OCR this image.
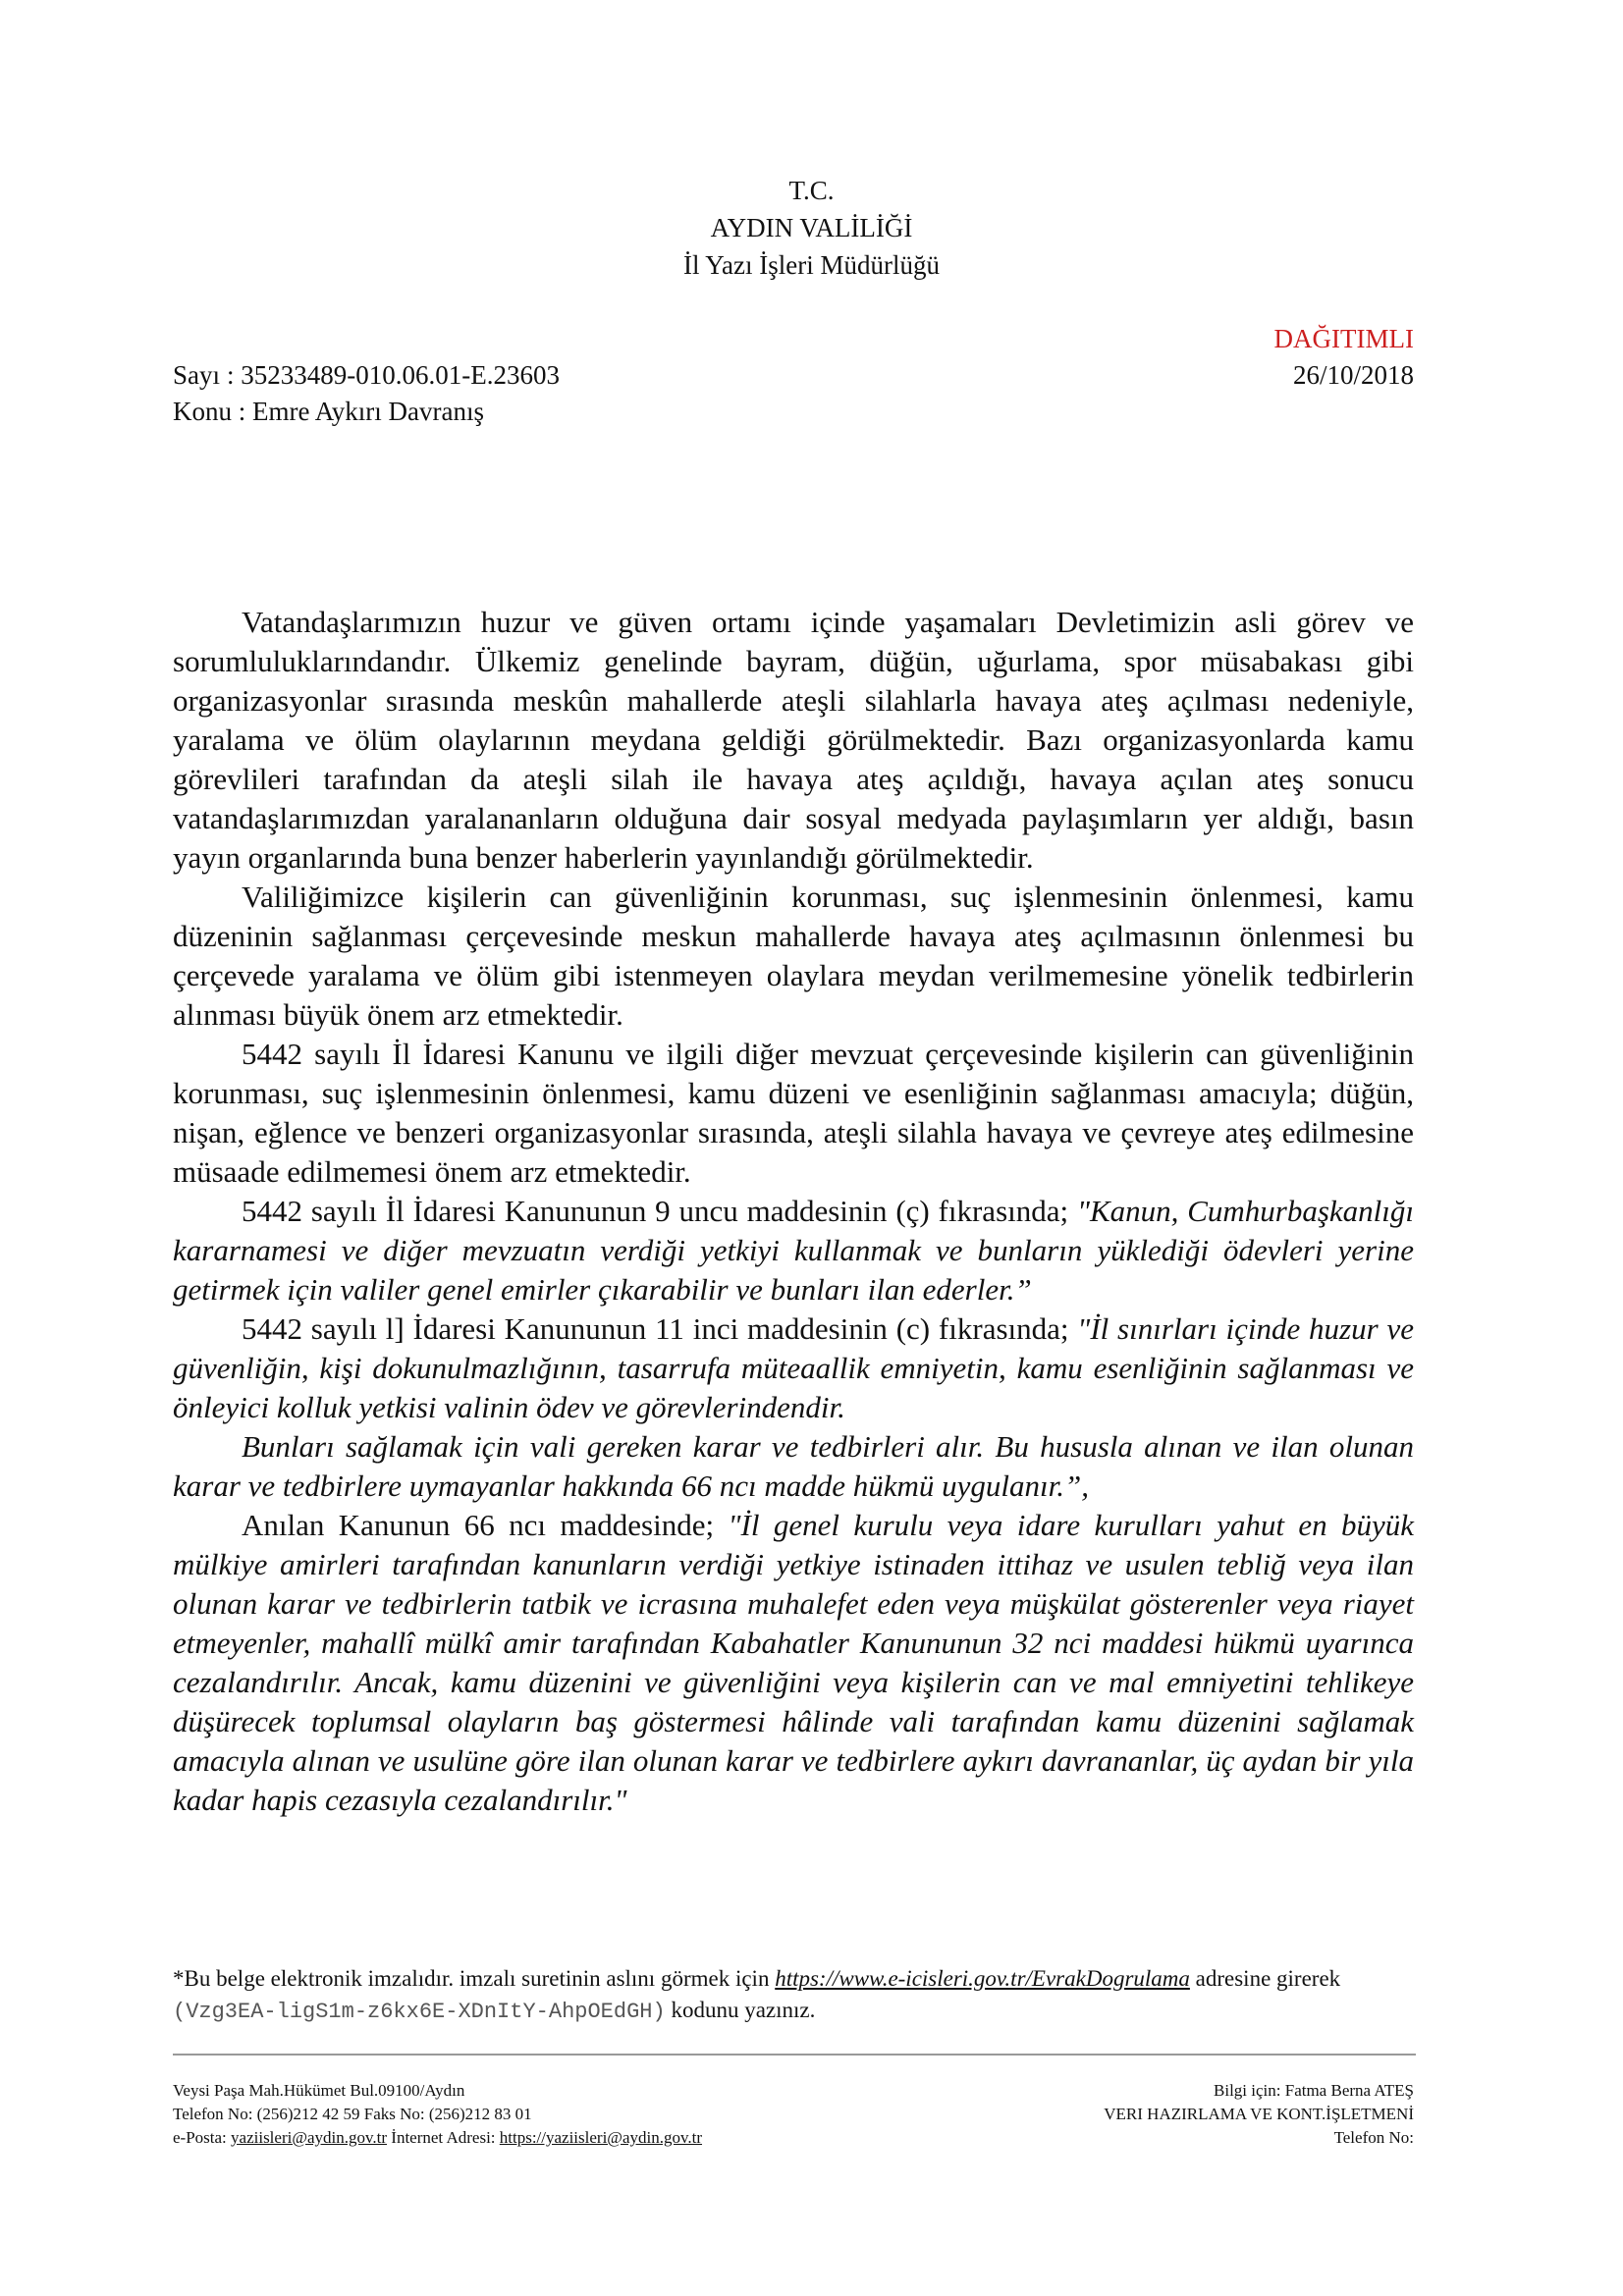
T.C.
AYDIN VALİLİĞİ
İl Yazı İşleri Müdürlüğü
DAĞITIMLI
Sayı : 35233489-010.06.01-E.23603	26/10/2018
Konu : Emre Aykırı Davranış

Vatandaşlarımızın huzur ve güven ortamı içinde yaşamaları Devletimizin asli görev ve sorumluluklarındandır. Ülkemiz genelinde bayram, düğün, uğurlama, spor müsabakası gibi organizasyonlar sırasında meskûn mahallerde ateşli silahlarla havaya ateş açılması nedeniyle, yaralama ve ölüm olaylarının meydana geldiği görülmektedir. Bazı organizasyonlarda kamu görevlileri tarafından da ateşli silah ile havaya ateş açıldığı, havaya açılan ateş sonucu vatandaşlarımızdan yaralananların olduğuna dair sosyal medyada paylaşımların yer aldığı, basın yayın organlarında buna benzer haberlerin yayınlandığı görülmektedir.

Valiliğimizce kişilerin can güvenliğinin korunması, suç işlenmesinin önlenmesi, kamu düzeninin sağlanması çerçevesinde meskun mahallerde havaya ateş açılmasının önlenmesi bu çerçevede yaralama ve ölüm gibi istenmeyen olaylara meydan verilmemesine yönelik tedbirlerin alınması büyük önem arz etmektedir.

5442 sayılı İl İdaresi Kanunu ve ilgili diğer mevzuat çerçevesinde kişilerin can güvenliğinin korunması, suç işlenmesinin önlenmesi, kamu düzeni ve esenliğinin sağlanması amacıyla; düğün, nişan, eğlence ve benzeri organizasyonlar sırasında, ateşli silahla havaya ve çevreye ateş edilmesine müsaade edilmemesi önem arz etmektedir.

5442 sayılı İl İdaresi Kanununun 9 uncu maddesinin (ç) fıkrasında; "Kanun, Cumhurbaşkanlığı kararnamesi ve diğer mevzuatın verdiği yetkiyi kullanmak ve bunların yüklediği ödevleri yerine getirmek için valiler genel emirler çıkarabilir ve bunları ilan ederler.”

5442 sayılı l] İdaresi Kanununun 11 inci maddesinin (c) fıkrasında; "İl sınırları içinde huzur ve güvenliğin, kişi dokunulmazlığının, tasarrufa müteaallik emniyetin, kamu esenliğinin sağlanması ve önleyici kolluk yetkisi valinin ödev ve görevlerindendir.

Bunları sağlamak için vali gereken karar ve tedbirleri alır. Bu hususla alınan ve ilan olunan karar ve tedbirlere uymayanlar hakkında 66 ncı madde hükmü uygulanır.”,

Anılan Kanunun 66 ncı maddesinde; "İl genel kurulu veya idare kurulları yahut en büyük mülkiye amirleri tarafından kanunların verdiği yetkiye istinaden ittihaz ve usulen tebliğ veya ilan olunan karar ve tedbirlerin tatbik ve icrasına muhalefet eden veya müşkülat gösterenler veya riayet etmeyenler, mahallî mülkî amir tarafından Kabahatler Kanununun 32 nci maddesi hükmü uyarınca cezalandırılır. Ancak, kamu düzenini ve güvenliğini veya kişilerin can ve mal emniyetini tehlikeye düşürecek toplumsal olayların baş göstermesi hâlinde vali tarafından kamu düzenini sağlamak amacıyla alınan ve usulüne göre ilan olunan karar ve tedbirlere aykırı davrananlar, üç aydan bir yıla kadar hapis cezasıyla cezalandırılır."

*Bu belge elektronik imzalıdır. imzalı suretinin aslını görmek için https://www.e-icisleri.gov.tr/EvrakDogrulama adresine girerek (Vzg3EA-ligS1m-z6kx6E-XDnItY-AhpOEdGH) kodunu yazınız.
Veysi Paşa Mah.Hükümet Bul.09100/Aydın
Telefon No: (256)212 42 59 Faks No: (256)212 83 01
e-Posta: yaziisleri@aydin.gov.tr İnternet Adresi: https://yaziisleri@aydin.gov.tr
Bilgi için: Fatma Berna ATEŞ
VERI HAZIRLAMA VE KONT.İŞLETMENİ
Telefon No:
